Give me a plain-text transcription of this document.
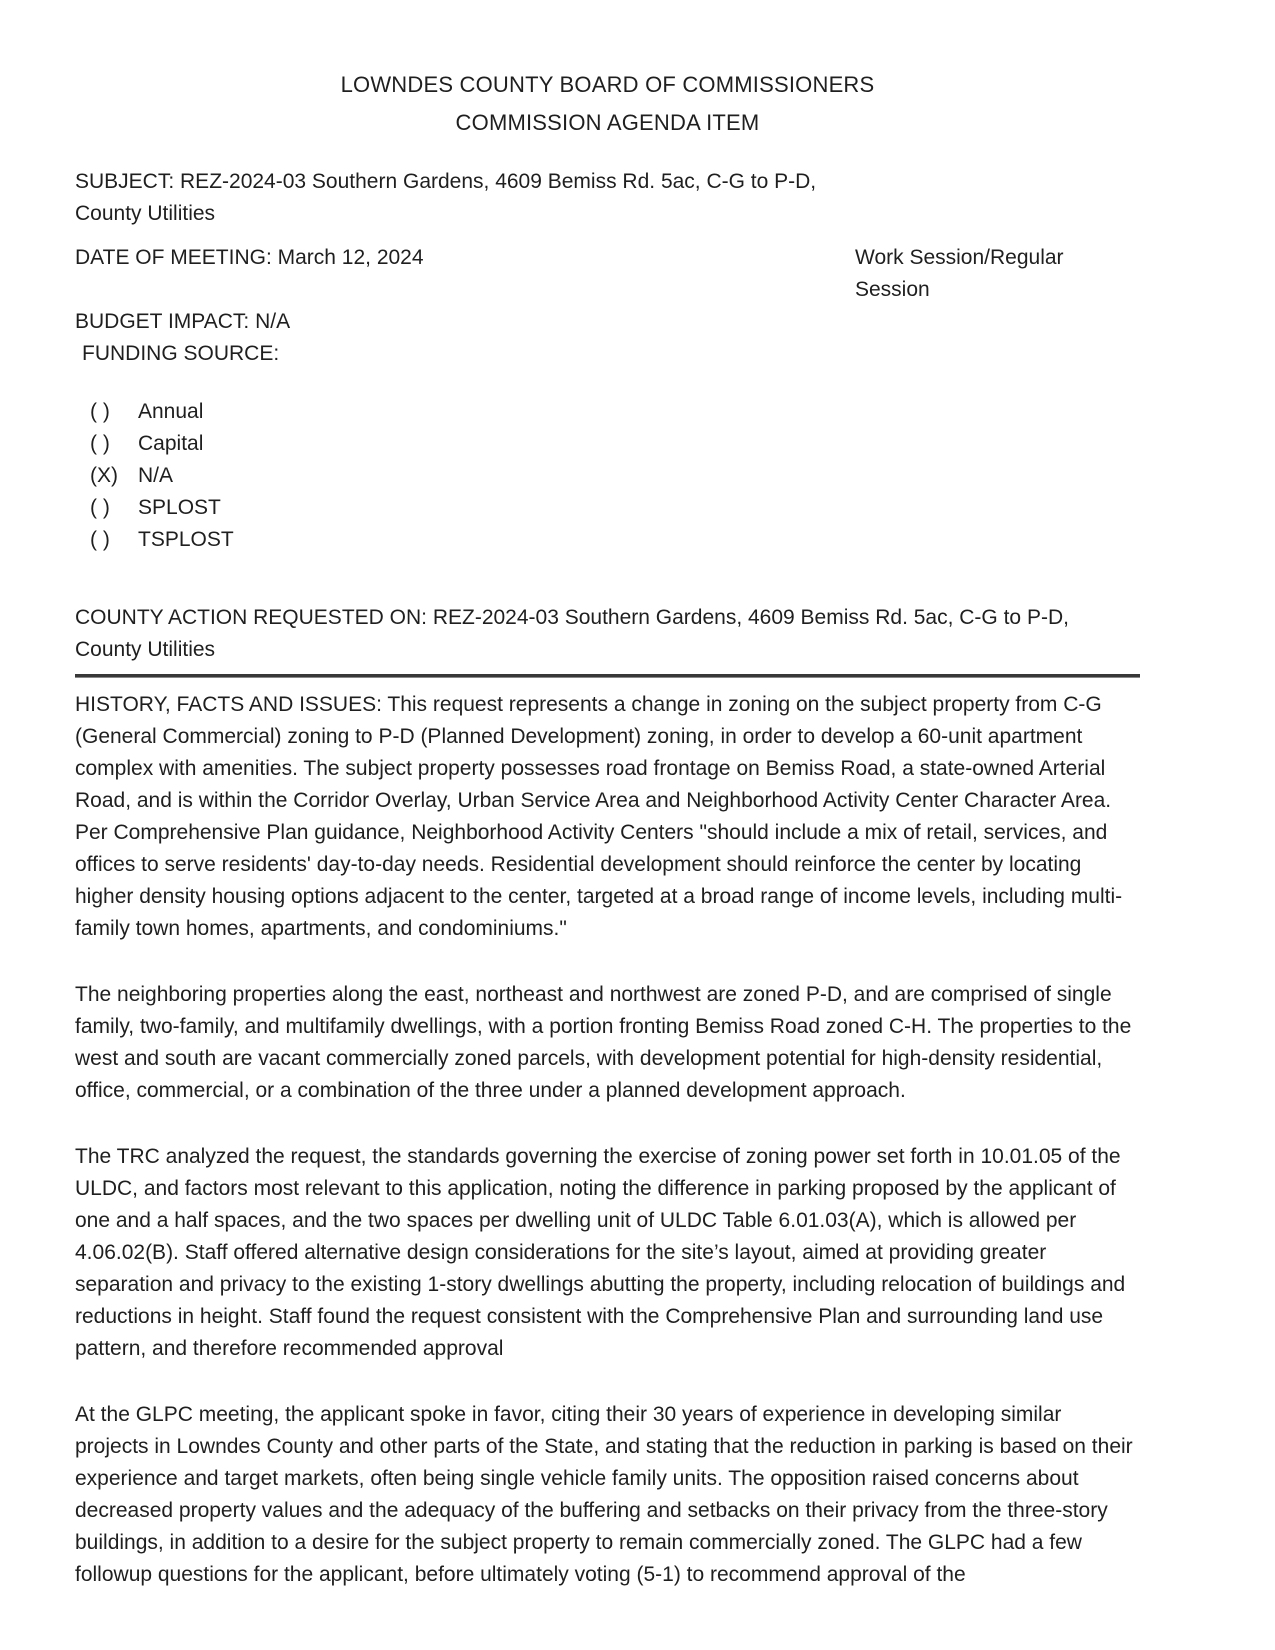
LOWNDES COUNTY BOARD OF COMMISSIONERS
COMMISSION AGENDA ITEM
SUBJECT: REZ-2024-03 Southern Gardens, 4609 Bemiss Rd. 5ac, C-G to P-D,
County Utilities
DATE OF MEETING: March 12, 2024	Work Session/Regular Session
BUDGET IMPACT: N/A
FUNDING SOURCE:
( )	Annual
( )	Capital
(X) N/A
( )	SPLOST
( )	TSPLOST
COUNTY ACTION REQUESTED ON: REZ-2024-03 Southern Gardens, 4609 Bemiss Rd. 5ac, C-G to P-D, County Utilities

HISTORY, FACTS AND ISSUES: This request represents a change in zoning on the subject property from C-G (General Commercial) zoning to P-D (Planned Development) zoning, in order to develop a 60-unit apartment complex with amenities. The subject property possesses road frontage on Bemiss Road, a state-owned Arterial Road, and is within the Corridor Overlay, Urban Service Area and Neighborhood Activity Center Character Area. Per Comprehensive Plan guidance, Neighborhood Activity Centers "should include a mix of retail, services, and offices to serve residents' day-to-day needs. Residential development should reinforce the center by locating higher density housing options adjacent to the center, targeted at a broad range of income levels, including multi-family town homes, apartments, and condominiums."

The neighboring properties along the east, northeast and northwest are zoned P-D, and are comprised of single family, two-family, and multifamily dwellings, with a portion fronting Bemiss Road zoned C-H. The properties to the west and south are vacant commercially zoned parcels, with development potential for high-density residential, office, commercial, or a combination of the three under a planned development approach.

The TRC analyzed the request, the standards governing the exercise of zoning power set forth in 10.01.05 of the ULDC, and factors most relevant to this application, noting the difference in parking proposed by the applicant of one and a half spaces, and the two spaces per dwelling unit of ULDC Table 6.01.03(A), which is allowed per 4.06.02(B). Staff offered alternative design considerations for the site’s layout, aimed at providing greater separation and privacy to the existing 1-story dwellings abutting the property, including relocation of buildings and reductions in height. Staff found the request consistent with the Comprehensive Plan and surrounding land use pattern, and therefore recommended approval

At the GLPC meeting, the applicant spoke in favor, citing their 30 years of experience in developing similar projects in Lowndes County and other parts of the State, and stating that the reduction in parking is based on their experience and target markets, often being single vehicle family units. The opposition raised concerns about decreased property values and the adequacy of the buffering and setbacks on their privacy from the three-story buildings, in addition to a desire for the subject property to remain commercially zoned. The GLPC had a few followup questions for the applicant, before ultimately voting (5-1) to recommend approval of the
